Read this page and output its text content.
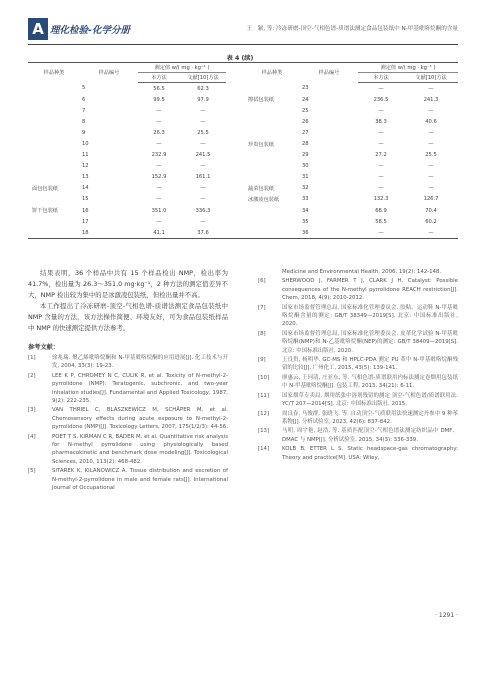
A 理化检验-化学分册	王　颖, 等: 冷冻研磨-顶空-气相色谱-质谱法测定食品包装纸中 N-甲基吡咯烷酮的含量
表 4 (续)
样品种类	样品编号	测定值 w/( mg · kg⁻¹ )			样品种类	样品编号	测定值 w/( mg · kg⁻¹ )	
		本方法	文献[10]方法				本方法	文献[10]方法
	5	56.5	62.3			23	—	—
	6	99.5	97.9		擦拭包装纸	24	236.5	241.3
	7	—	—			25	—	—
	8	—	—			26	38.3	40.6
	9	26.3	25.5			27	—	—
	10	—	—		珍贵包装纸	28	—	—
	11	232.9	241.5			29	27.2	25.5
	12	—	—			30	—	—
	13	152.9	161.1			31	—	—
面包包装纸	14	—	—		蔬菜包装纸	32	—	—
	15	—	—		冰激凌包装纸	33	132.3	126.7
饼干包装纸	16	351.0	336.3			34	68.9	70.4
	17	—	—			35	58.5	60.2
	18	41.1	37.6			36	—	—

结果表明，36 个样品中共有 15 个样品检出 NMP，检出率为 41.7%，检出量为 26.3～351.0 mg·kg⁻¹，2 种方法的测定值差异不大，NMP 检出较为集中的是冰激凌包装纸，但检出量并不高。

本工作提出了冷冻研磨-顶空-气相色谱-质谱法测定食品包装纸中 NMP 含量的方法，该方法操作简便、环境友好，可为食品包装纸样品中 NMP 的快速测定提供方法参考。

参考文献：
[1]	徐兆瑞. 聚乙烯吡咯烷酮和 N-甲基吡咯烷酮的应用进展[J]. 化工技术与开发, 2004, 33(3): 19-23.
[2]	LEE K P, CHROMEY N C, CULIK R, et al. Toxicity of N-methyl-2-pyrrolidone (NMP): Teratogenic, subchronic, and two-year inhalation studies[J]. Fundamental and Applied Toxicology, 1987, 9(2): 222-235.
[3]	VAN THRIEL C, BLASZKEWICZ M, SCHÄPER M, et al. Chemosensory effects during acute exposure to N-methyl-2-pyrrolidone (NMP)[J]. Toxicology Letters, 2007, 175(1/2/3): 44-56.
[4]	POET T S, KIRMAN C R, BADER M, et al. Quantitative risk analysis for N-methyl pyrrolidone using physiologically based pharmacokinetic and benchmark dose modeling[J]. Toxicological Sciences, 2010, 113(2): 468-482.
[5]	SITAREK K, KILANOWICZ A. Tissue distribution and excretion of N-methyl-2-pyrrolidone in male and female rats[J]. International Journal of Occupational
Medicine and Environmental Health, 2006, 19(2): 142-148.
[6]	SHERWOOD J, FARMER T J, CLARK J H. Catalyst: Possible consequences of the N-methyl pyrrolidone REACH restriction[J]. Chem, 2018, 4(9): 2010-2012.
[7]	国家市场监督管理总局, 国家标准化管理委员会. 胶粘、运动鞋 N-甲基吡咯烷酮含量的测定: GB/T 38349—2019[S]. 北京: 中国标准出版社, 2020.
[8]	国家市场监督管理总局, 国家标准化管理委员会. 皮革化学试验 N-甲基吡咯烷酮(NMP)和 N-乙基吡咯烷酮(NEP)的测定: GB/T 38409—2019[S]. 北京: 中国标准出版社, 2020.
[9]	王良贵, 杨明华. GC-MS 和 HPLC-PDA 测定 PU 革中 N-甲基吡咯烷酮残留的比较[J]. 广州化工, 2015, 43(5): 139-141.
[10] 廖惠云, 王珂清, 庄亚东, 等. 气相色谱-质谱联用内标法测定卷烟用包装纸中 N-甲基吡咯烷酮[J]. 包装工程, 2013, 34(21): 6-11.
[11] 国家烟草专卖局. 烟用纸张中溶剂残留的测定 顶空-气相色谱/质谱联用法: YC/T 207—2014[S]. 北京: 中国标准出版社, 2015.
[12] 周良春, 马俊群, 张晓飞, 等. 自动顶空-气质联用法快速测定丹参中 9 种苯系物[J]. 分析试验室, 2023, 42(6): 837-842.
[13] 马明, 周宇艳, 赵浩, 等. 基质匹配顶空-气相色谱法测定纺织品中 DMF、DMAC 与 NMP[J]. 分析试验室, 2015, 34(3): 336-339.
[14] KOLB B, ETTER L S. Static headspace-gas chromatography: Theory and practice[M]. USA: Wiley,
· 1291 ·
